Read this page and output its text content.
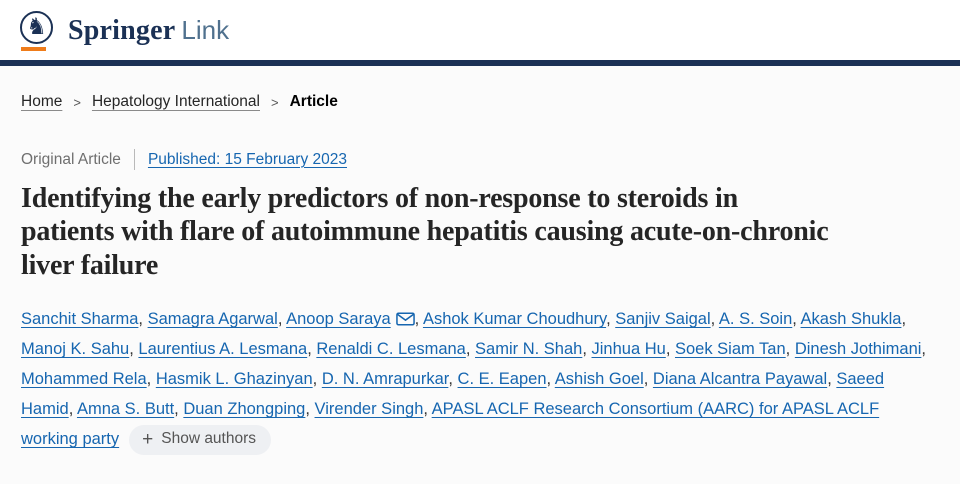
♞ Springer Link
Home > Hepatology International > Article
Original Article Published: 15 February 2023
Identifying the early predictors of non-response to steroids in patients with flare of autoimmune hepatitis causing acute-on-chronic liver failure

Sanchit Sharma, Samagra Agarwal, Anoop Saraya , Ashok Kumar Choudhury, Sanjiv Saigal, A. S. Soin, Akash Shukla, Manoj K. Sahu, Laurentius A. Lesmana, Renaldi C. Lesmana, Samir N. Shah, Jinhua Hu, Soek Siam Tan, Dinesh Jothimani, Mohammed Rela, Hasmik L. Ghazinyan, D. N. Amrapurkar, C. E. Eapen, Ashish Goel, Diana Alcantra Payawal, Saeed Hamid, Amna S. Butt, Duan Zhongping, Virender Singh, APASL ACLF Research Consortium (AARC) for APASL ACLF working party + Show authors
